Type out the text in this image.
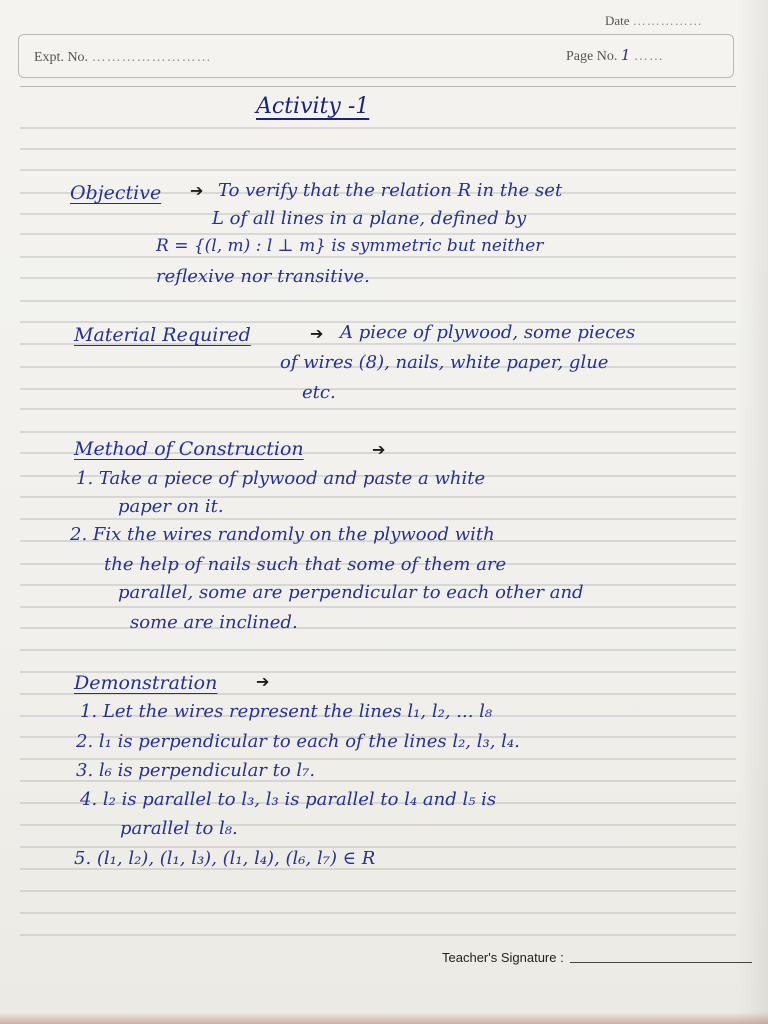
Date ……………
Expt. No. ……………………	Page No. 1 ……
Activity -1
Objective ➔ To verify that the relation R in the set
L of all lines in a plane, defined by
R = {(l, m) : l ⊥ m} is symmetric but neither
reflexive nor transitive.
Material Required	➔ A piece of plywood, some pieces
of wires (8), nails, white paper, glue
etc.
Method of Construction	➔
1. Take a piece of plywood and paste a white
paper on it.
2. Fix the wires randomly on the plywood with
the help of nails such that some of them are
parallel, some are perpendicular to each other and
some are inclined.
Demonstration ➔
1. Let the wires represent the lines l₁, l₂, ... l₈
2. l₁ is perpendicular to each of the lines l₂, l₃, l₄.
3. l₆ is perpendicular to l₇.
4. l₂ is parallel to l₃, l₃ is parallel to l₄ and l₅ is
parallel to l₈.
5. (l₁, l₂), (l₁, l₃), (l₁, l₄), (l₆, l₇) ∈ R
Teacher's Signature :
